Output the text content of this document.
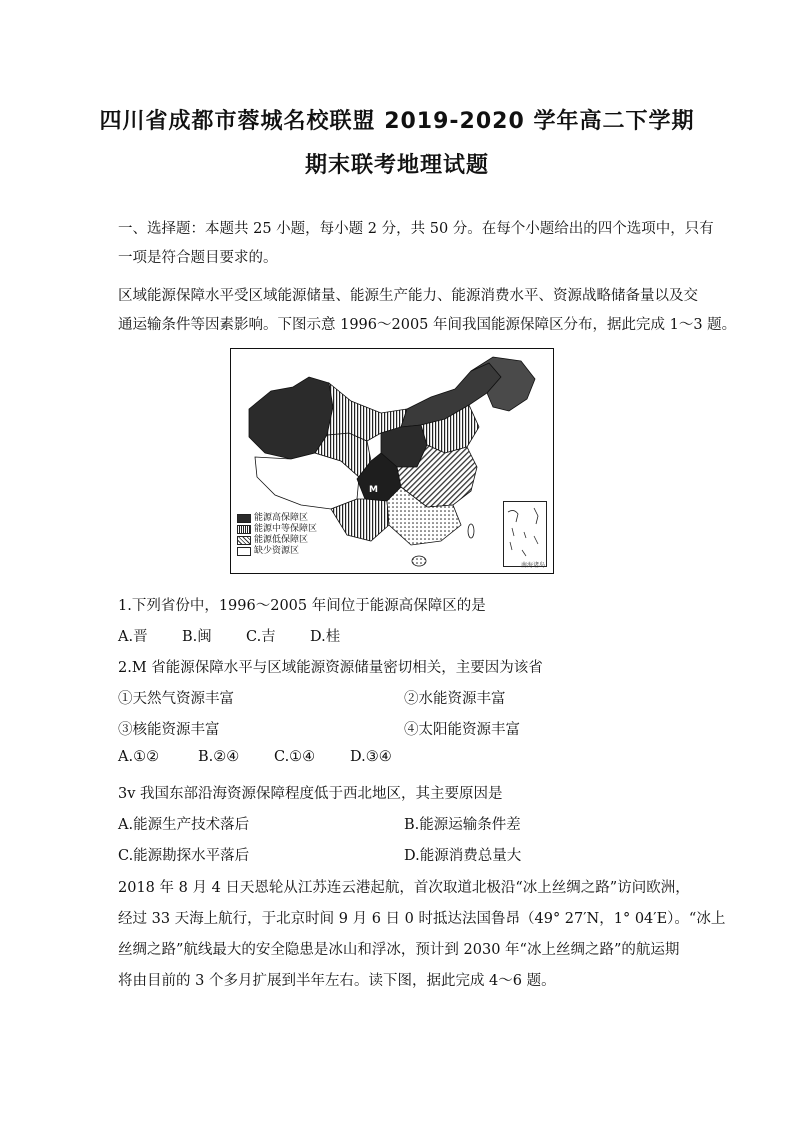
四川省成都市蓉城名校联盟 2019-2020 学年高二下学期
期末联考地理试题
一、选择题：本题共 25 小题，每小题 2 分，共 50 分。在每个小题给出的四个选项中，只有
一项是符合题目要求的。
区域能源保障水平受区域能源储量、能源生产能力、能源消费水平、资源战略储备量以及交
通运输条件等因素影响。下图示意 1996～2005 年间我国能源保障区分布，据此完成 1～3 题。
M
能源高保障区
能源中等保障区
能源低保障区
缺少资源区
南海诸岛
1.下列省份中，1996～2005 年间位于能源高保障区的是
A.晋 B.闽 C.吉 D.桂
2.M 省能源保障水平与区域能源资源储量密切相关，主要因为该省
①天然气资源丰富	②水能资源丰富
③核能资源丰富	④太阳能资源丰富
A.①②	B.②④ C.①④ D.③④
3v 我国东部沿海资源保障程度低于西北地区，其主要原因是
A.能源生产技术落后	B.能源运输条件差
C.能源勘探水平落后	D.能源消费总量大
2018 年 8 月 4 日天恩轮从江苏连云港起航，首次取道北极沿“冰上丝绸之路”访问欧洲，
经过 33 天海上航行，于北京时间 9 月 6 日 0 时抵达法国鲁昂（49° 27′N，1° 04′E）。“冰上
丝绸之路”航线最大的安全隐患是冰山和浮冰，预计到 2030 年“冰上丝绸之路”的航运期
将由目前的 3 个多月扩展到半年左右。读下图，据此完成 4～6 题。
